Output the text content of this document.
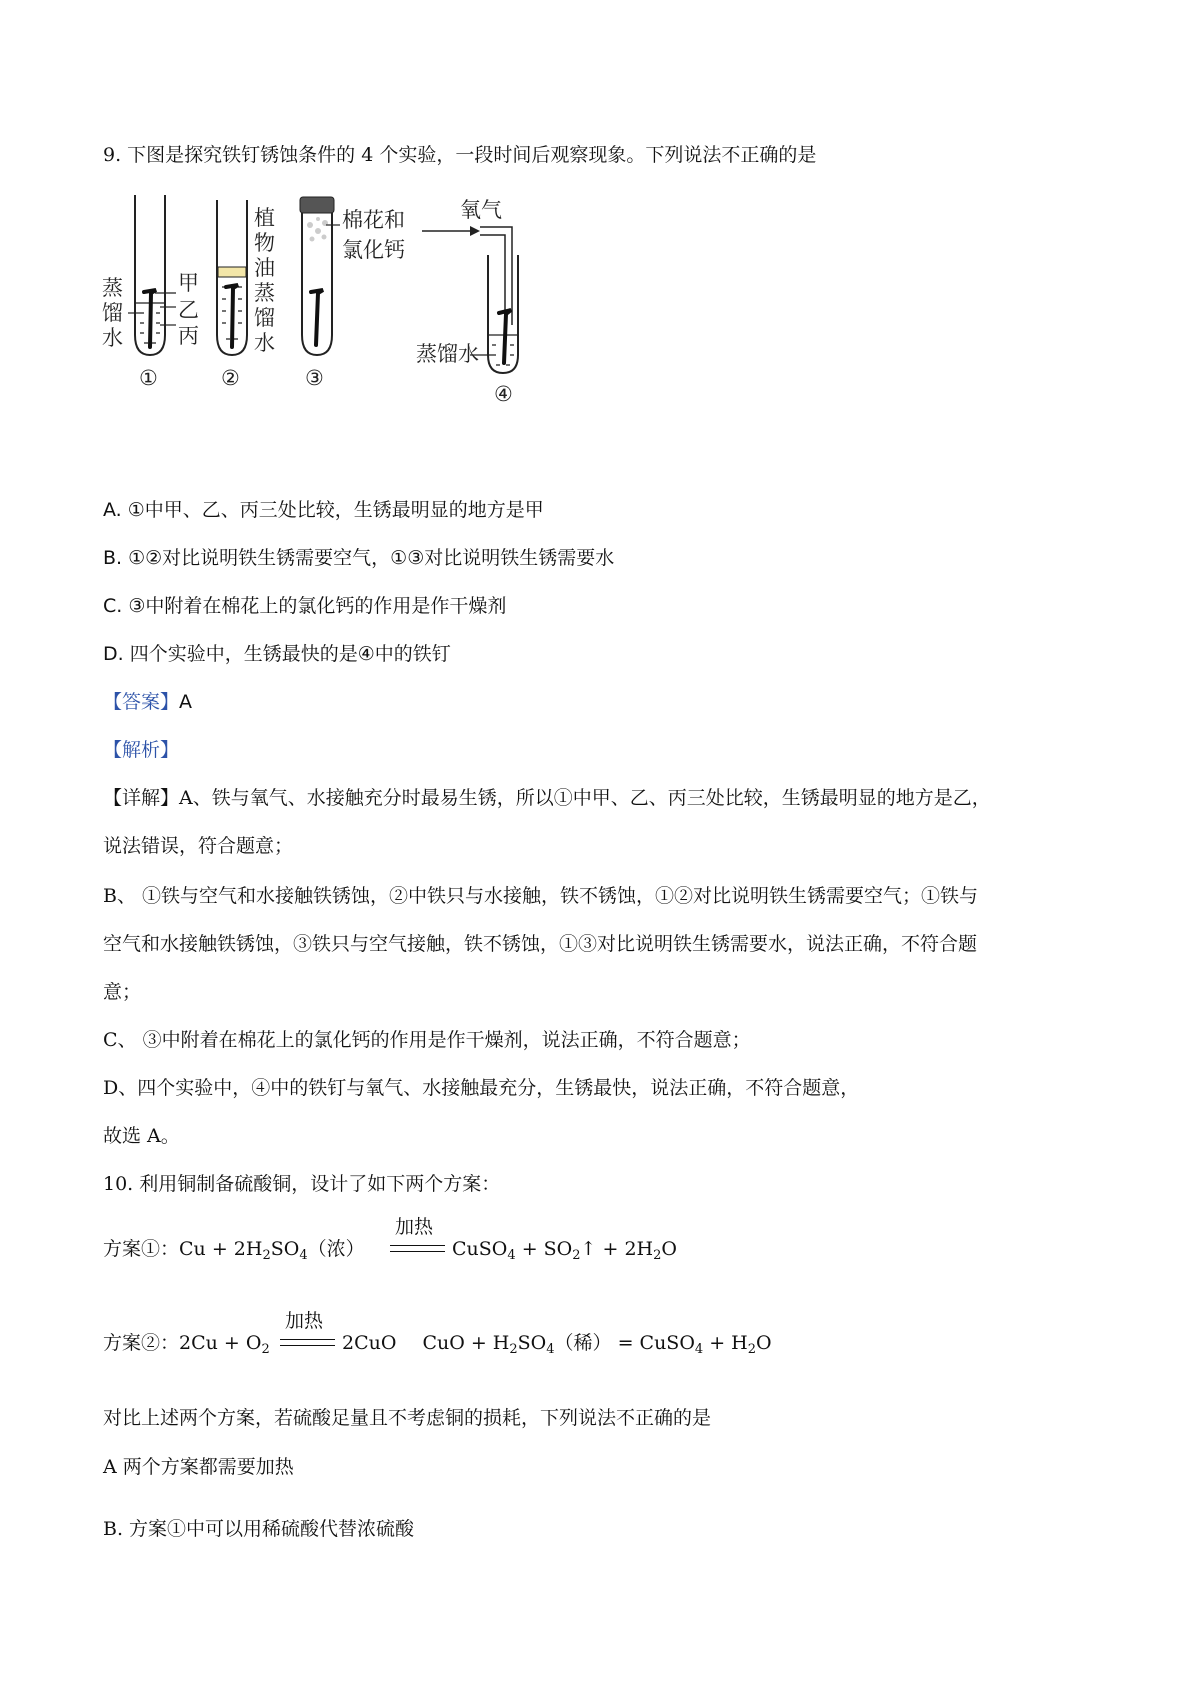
9. 下图是探究铁钉锈蚀条件的 4 个实验，一段时间后观察现象。下列说法不正确的是
甲
乙
丙
蒸
馏
水
①
植
物
油
蒸
馏
水
②
棉花和
氯化钙
③
氧气
蒸馏水
④
A. ①中甲、乙、丙三处比较，生锈最明显的地方是甲
B. ①②对比说明铁生锈需要空气，①③对比说明铁生锈需要水
C. ③中附着在棉花上的氯化钙的作用是作干燥剂
D. 四个实验中，生锈最快的是④中的铁钉
【答案】A
【解析】
【详解】A、铁与氧气、水接触充分时最易生锈，所以①中甲、乙、丙三处比较，生锈最明显的地方是乙，
说法错误，符合题意；
B、 ①铁与空气和水接触铁锈蚀，②中铁只与水接触，铁不锈蚀，①②对比说明铁生锈需要空气；①铁与
空气和水接触铁锈蚀，③铁只与空气接触，铁不锈蚀，①③对比说明铁生锈需要水，说法正确，不符合题
意；
C、 ③中附着在棉花上的氯化钙的作用是作干燥剂，说法正确，不符合题意；
D、四个实验中，④中的铁钉与氧气、水接触最充分，生锈最快，说法正确，不符合题意，
故选 A。
10. 利用铜制备硫酸铜，设计了如下两个方案：
加热
方案①：$Cu + 2H_2SO_4$（浓）	CuSO$_4$ + $SO_2↑ + 2H_2O$
加热
方案②：$2Cu + O_2$	2CuO CuO + $H_2SO_4$（稀） = CuSO$_4$ + $H_2O$
对比上述两个方案，若硫酸足量且不考虑铜的损耗，下列说法不正确的是
A 两个方案都需要加热
B. 方案①中可以用稀硫酸代替浓硫酸
